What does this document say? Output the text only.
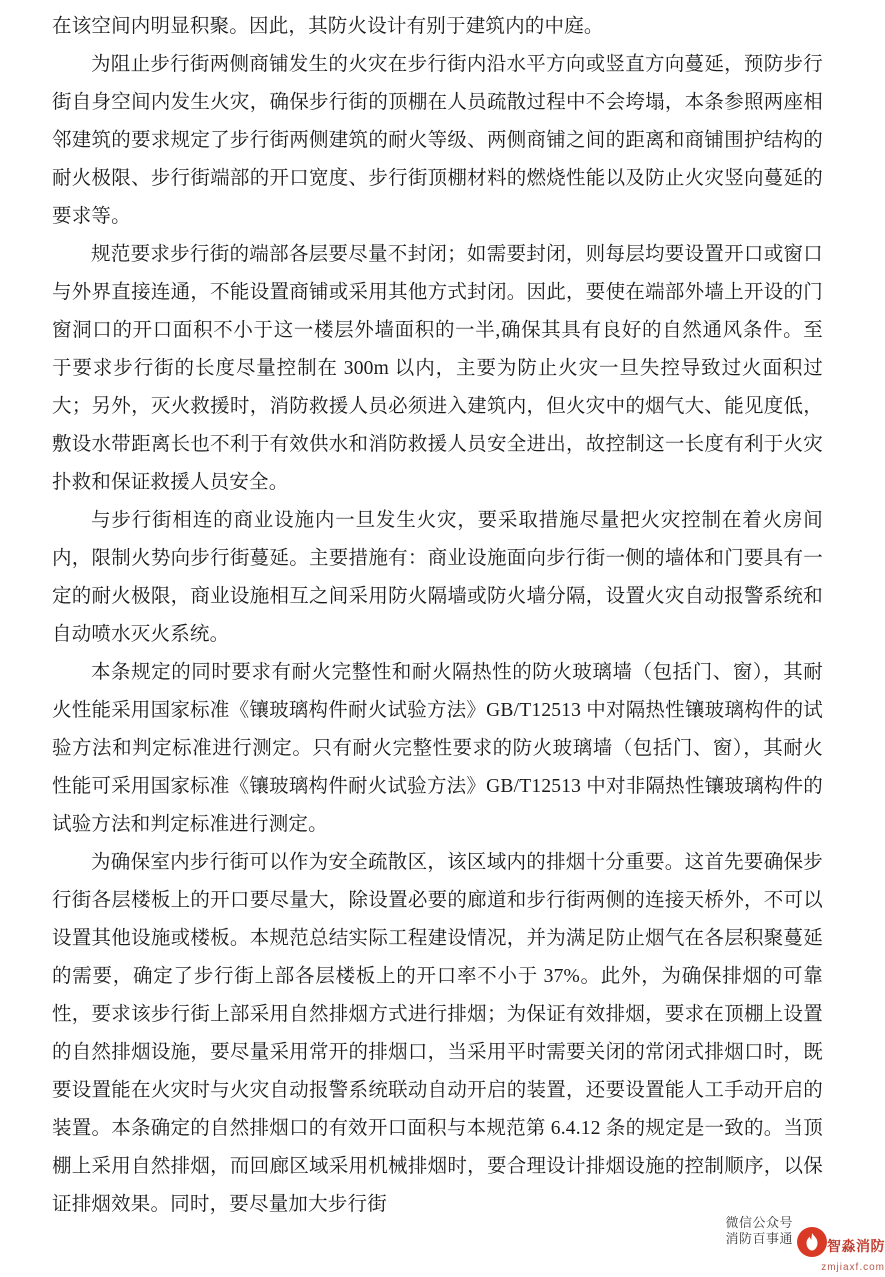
在该空间内明显积聚。因此，其防火设计有别于建筑内的中庭。

为阻止步行街两侧商铺发生的火灾在步行街内沿水平方向或竖直方向蔓延，预防步行街自身空间内发生火灾，确保步行街的顶棚在人员疏散过程中不会垮塌，本条参照两座相邻建筑的要求规定了步行街两侧建筑的耐火等级、两侧商铺之间的距离和商铺围护结构的耐火极限、步行街端部的开口宽度、步行街顶棚材料的燃烧性能以及防止火灾竖向蔓延的要求等。

规范要求步行街的端部各层要尽量不封闭；如需要封闭，则每层均要设置开口或窗口与外界直接连通，不能设置商铺或采用其他方式封闭。因此，要使在端部外墙上开设的门窗洞口的开口面积不小于这一楼层外墙面积的一半,确保其具有良好的自然通风条件。至于要求步行街的长度尽量控制在 300m 以内，主要为防止火灾一旦失控导致过火面积过大；另外，灭火救援时，消防救援人员必须进入建筑内，但火灾中的烟气大、能见度低，敷设水带距离长也不利于有效供水和消防救援人员安全进出，故控制这一长度有利于火灾扑救和保证救援人员安全。

与步行街相连的商业设施内一旦发生火灾，要采取措施尽量把火灾控制在着火房间内，限制火势向步行街蔓延。主要措施有：商业设施面向步行街一侧的墙体和门要具有一定的耐火极限，商业设施相互之间采用防火隔墙或防火墙分隔，设置火灾自动报警系统和自动喷水灭火系统。

本条规定的同时要求有耐火完整性和耐火隔热性的防火玻璃墙（包括门、窗），其耐火性能采用国家标准《镶玻璃构件耐火试验方法》GB/T12513 中对隔热性镶玻璃构件的试验方法和判定标准进行测定。只有耐火完整性要求的防火玻璃墙（包括门、窗），其耐火性能可采用国家标准《镶玻璃构件耐火试验方法》GB/T12513 中对非隔热性镶玻璃构件的试验方法和判定标准进行测定。

为确保室内步行街可以作为安全疏散区，该区域内的排烟十分重要。这首先要确保步行街各层楼板上的开口要尽量大，除设置必要的廊道和步行街两侧的连接天桥外，不可以设置其他设施或楼板。本规范总结实际工程建设情况，并为满足防止烟气在各层积聚蔓延的需要，确定了步行街上部各层楼板上的开口率不小于 37%。此外，为确保排烟的可靠性，要求该步行街上部采用自然排烟方式进行排烟；为保证有效排烟，要求在顶棚上设置的自然排烟设施，要尽量采用常开的排烟口，当采用平时需要关闭的常闭式排烟口时，既要设置能在火灾时与火灾自动报警系统联动自动开启的装置，还要设置能人工手动开启的装置。本条确定的自然排烟口的有效开口面积与本规范第 6.4.12 条的规定是一致的。当顶棚上采用自然排烟，而回廊区域采用机械排烟时，要合理设计排烟设施的控制顺序，以保证排烟效果。同时，要尽量加大步行街

微信公众号
消防百事通 智淼消防
zmjiaxf.com
